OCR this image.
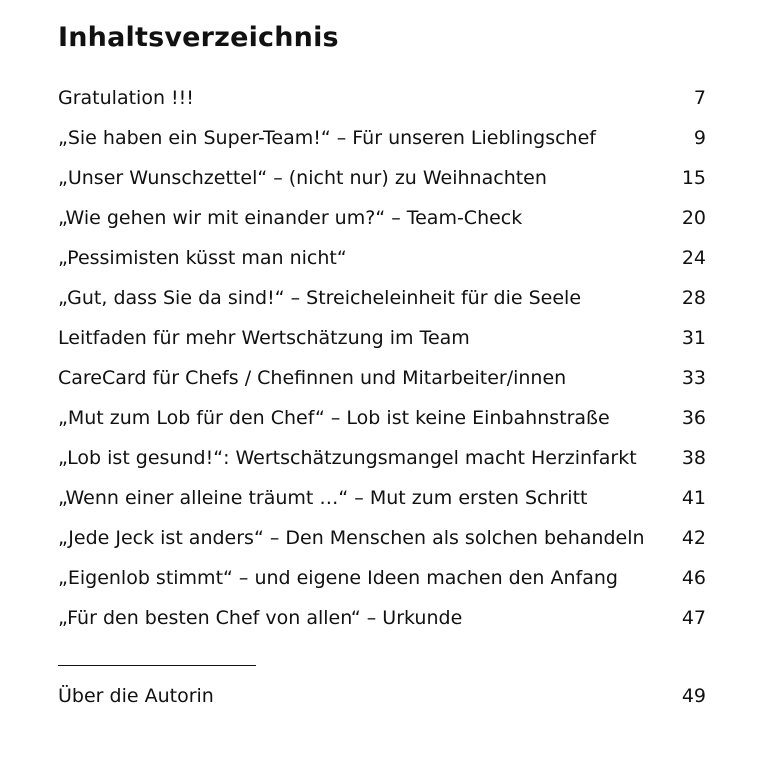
Inhaltsverzeichnis
Gratulation !!!	7
„Sie haben ein Super-Team!“ – Für unseren Lieblingschef	9
„Unser Wunschzettel“ – (nicht nur) zu Weihnachten	15
„Wie gehen wir mit einander um?“ – Team-Check	20
„Pessimisten küsst man nicht“	24
„Gut, dass Sie da sind!“ – Streicheleinheit für die Seele	28
Leitfaden für mehr Wertschätzung im Team	31
CareCard für Chefs / Chefinnen und Mitarbeiter/innen	33
„Mut zum Lob für den Chef“ – Lob ist keine Einbahnstraße	36
„Lob ist gesund!“: Wertschätzungsmangel macht Herzinfarkt	38
„Wenn einer alleine träumt …“ – Mut zum ersten Schritt	41
„Jede Jeck ist anders“ – Den Menschen als solchen behandeln	42
„Eigenlob stimmt“ – und eigene Ideen machen den Anfang	46
„Für den besten Chef von allen“ – Urkunde	47
Über die Autorin	49
